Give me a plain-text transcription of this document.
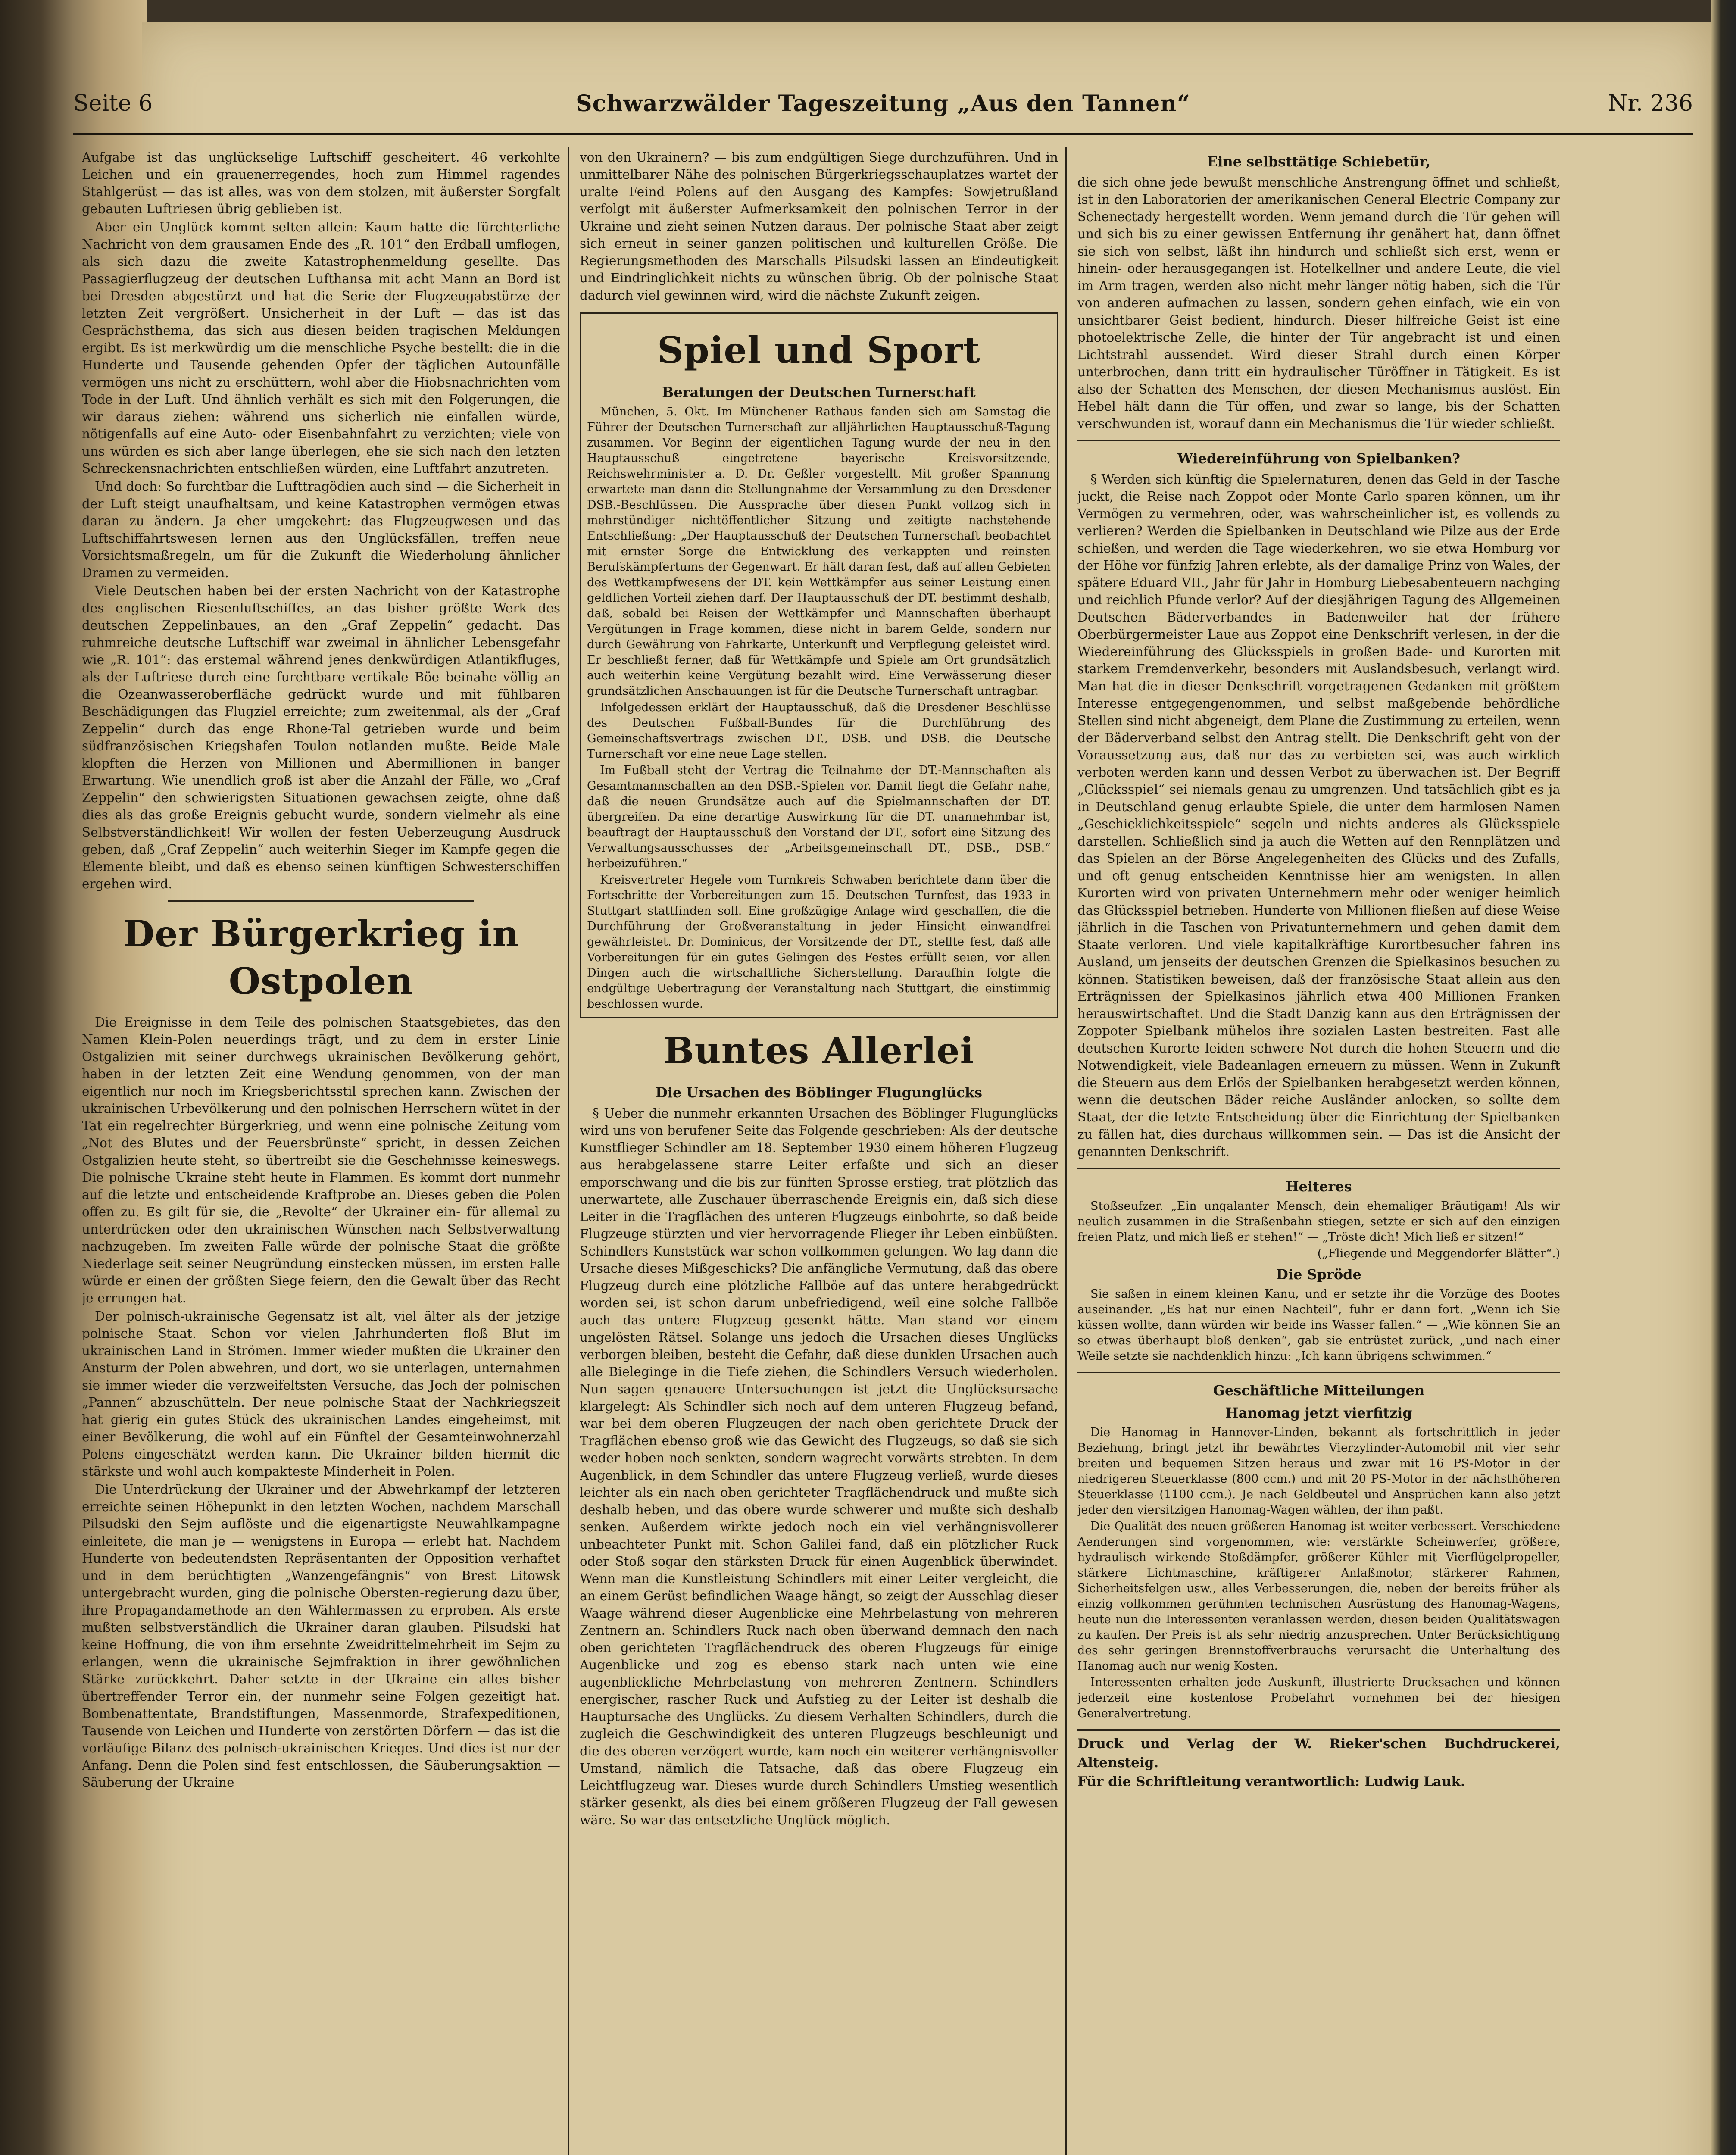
Seite 6	Schwarzwälder Tageszeitung „Aus den Tannen“	Nr. 236

Aufgabe ist das unglückselige Luftschiff gescheitert. 46 verkohlte Leichen und ein grauenerregendes, hoch zum Himmel ragendes Stahlgerüst — das ist alles, was von dem stolzen, mit äußerster Sorgfalt gebauten Luftriesen übrig geblieben ist.

Aber ein Unglück kommt selten allein: Kaum hatte die fürchterliche Nachricht von dem grausamen Ende des „R. 101“ den Erdball umflogen, als sich dazu die zweite Katastrophenmeldung gesellte. Das Passagierflugzeug der deutschen Lufthansa mit acht Mann an Bord ist bei Dresden abgestürzt und hat die Serie der Flugzeugabstürze der letzten Zeit vergrößert. Unsicherheit in der Luft — das ist das Gesprächsthema, das sich aus diesen beiden tragischen Meldungen ergibt. Es ist merkwürdig um die menschliche Psyche bestellt: die in die Hunderte und Tausende gehenden Opfer der täglichen Autounfälle vermögen uns nicht zu erschüttern, wohl aber die Hiobsnachrichten vom Tode in der Luft. Und ähnlich verhält es sich mit den Folgerungen, die wir daraus ziehen: während uns sicherlich nie einfallen würde, nötigenfalls auf eine Auto- oder Eisenbahnfahrt zu verzichten; viele von uns würden es sich aber lange überlegen, ehe sie sich nach den letzten Schreckensnachrichten entschließen würden, eine Luftfahrt anzutreten.

Und doch: So furchtbar die Lufttragödien auch sind — die Sicherheit in der Luft steigt unaufhaltsam, und keine Katastrophen vermögen etwas daran zu ändern. Ja eher umgekehrt: das Flugzeugwesen und das Luftschiffahrtswesen lernen aus den Unglücksfällen, treffen neue Vorsichtsmaßregeln, um für die Zukunft die Wiederholung ähnlicher Dramen zu vermeiden.

Viele Deutschen haben bei der ersten Nachricht von der Katastrophe des englischen Riesenluftschiffes, an das bisher größte Werk des deutschen Zeppelinbaues, an den „Graf Zeppelin“ gedacht. Das ruhmreiche deutsche Luftschiff war zweimal in ähnlicher Lebensgefahr wie „R. 101“: das erstemal während jenes denkwürdigen Atlantikfluges, als der Luftriese durch eine furchtbare vertikale Böe beinahe völlig an die Ozeanwasseroberfläche gedrückt wurde und mit fühlbaren Beschädigungen das Flugziel erreichte; zum zweitenmal, als der „Graf Zeppelin“ durch das enge Rhone-Tal getrieben wurde und beim südfranzösischen Kriegshafen Toulon notlanden mußte. Beide Male klopften die Herzen von Millionen und Abermillionen in banger Erwartung. Wie unendlich groß ist aber die Anzahl der Fälle, wo „Graf Zeppelin“ den schwierigsten Situationen gewachsen zeigte, ohne daß dies als das große Ereignis gebucht wurde, sondern vielmehr als eine Selbstverständlichkeit! Wir wollen der festen Ueberzeugung Ausdruck geben, daß „Graf Zeppelin“ auch weiterhin Sieger im Kampfe gegen die Elemente bleibt, und daß es ebenso seinen künftigen Schwesterschiffen ergehen wird.

Der Bürgerkrieg in Ostpolen

Die Ereignisse in dem Teile des polnischen Staatsgebietes, das den Namen Klein-Polen neuerdings trägt, und zu dem in erster Linie Ostgalizien mit seiner durchwegs ukrainischen Bevölkerung gehört, haben in der letzten Zeit eine Wendung genommen, von der man eigentlich nur noch im Kriegsberichtsstil sprechen kann. Zwischen der ukrainischen Urbevölkerung und den polnischen Herrschern wütet in der Tat ein regelrechter Bürgerkrieg, und wenn eine polnische Zeitung vom „Not des Blutes und der Feuersbrünste“ spricht, in dessen Zeichen Ostgalizien heute steht, so übertreibt sie die Geschehnisse keineswegs. Die polnische Ukraine steht heute in Flammen. Es kommt dort nunmehr auf die letzte und entscheidende Kraftprobe an. Dieses geben die Polen offen zu. Es gilt für sie, die „Revolte“ der Ukrainer ein- für allemal zu unterdrücken oder den ukrainischen Wünschen nach Selbstverwaltung nachzugeben. Im zweiten Falle würde der polnische Staat die größte Niederlage seit seiner Neugründung einstecken müssen, im ersten Falle würde er einen der größten Siege feiern, den die Gewalt über das Recht je errungen hat.

Der polnisch-ukrainische Gegensatz ist alt, viel älter als der jetzige polnische Staat. Schon vor vielen Jahrhunderten floß Blut im ukrainischen Land in Strömen. Immer wieder mußten die Ukrainer den Ansturm der Polen abwehren, und dort, wo sie unterlagen, unternahmen sie immer wieder die verzweifeltsten Versuche, das Joch der polnischen „Pannen“ abzuschütteln. Der neue polnische Staat der Nachkriegszeit hat gierig ein gutes Stück des ukrainischen Landes eingeheimst, mit einer Bevölkerung, die wohl auf ein Fünftel der Gesamteinwohnerzahl Polens eingeschätzt werden kann. Die Ukrainer bilden hiermit die stärkste und wohl auch kompakteste Minderheit in Polen.

Die Unterdrückung der Ukrainer und der Abwehrkampf der letzteren erreichte seinen Höhepunkt in den letzten Wochen, nachdem Marschall Pilsudski den Sejm auflöste und die eigenartigste Neuwahlkampagne einleitete, die man je — wenigstens in Europa — erlebt hat. Nachdem Hunderte von bedeutendsten Repräsentanten der Opposition verhaftet und in dem berüchtigten „Wanzengefängnis“ von Brest Litowsk untergebracht wurden, ging die polnische Obersten-regierung dazu über, ihre Propagandamethode an den Wählermassen zu erproben. Als erste mußten selbstverständlich die Ukrainer daran glauben. Pilsudski hat keine Hoffnung, die von ihm ersehnte Zweidrittelmehrheit im Sejm zu erlangen, wenn die ukrainische Sejmfraktion in ihrer gewöhnlichen Stärke zurückkehrt. Daher setzte in der Ukraine ein alles bisher übertreffender Terror ein, der nunmehr seine Folgen gezeitigt hat. Bombenattentate, Brandstiftungen, Massenmorde, Strafexpeditionen, Tausende von Leichen und Hunderte von zerstörten Dörfern — das ist die vorläufige Bilanz des polnisch-ukrainischen Krieges. Und dies ist nur der Anfang. Denn die Polen sind fest entschlossen, die Säuberungsaktion — Säuberung der Ukraine

von den Ukrainern? — bis zum endgültigen Siege durchzuführen. Und in unmittelbarer Nähe des polnischen Bürgerkriegsschauplatzes wartet der uralte Feind Polens auf den Ausgang des Kampfes: Sowjetrußland verfolgt mit äußerster Aufmerksamkeit den polnischen Terror in der Ukraine und zieht seinen Nutzen daraus. Der polnische Staat aber zeigt sich erneut in seiner ganzen politischen und kulturellen Größe. Die Regierungsmethoden des Marschalls Pilsudski lassen an Eindeutigkeit und Eindringlichkeit nichts zu wünschen übrig. Ob der polnische Staat dadurch viel gewinnen wird, wird die nächste Zukunft zeigen.

Spiel und Sport
Beratungen der Deutschen Turnerschaft

München, 5. Okt. Im Münchener Rathaus fanden sich am Samstag die Führer der Deutschen Turnerschaft zur alljährlichen Hauptausschuß-Tagung zusammen. Vor Beginn der eigentlichen Tagung wurde der neu in den Hauptausschuß eingetretene bayerische Kreisvorsitzende, Reichswehrminister a. D. Dr. Geßler vorgestellt. Mit großer Spannung erwartete man dann die Stellungnahme der Versammlung zu den Dresdener DSB.-Beschlüssen. Die Aussprache über diesen Punkt vollzog sich in mehrstündiger nichtöffentlicher Sitzung und zeitigte nachstehende Entschließung: „Der Hauptausschuß der Deutschen Turnerschaft beobachtet mit ernster Sorge die Entwicklung des verkappten und reinsten Berufskämpfertums der Gegenwart. Er hält daran fest, daß auf allen Gebieten des Wettkampfwesens der DT. kein Wettkämpfer aus seiner Leistung einen geldlichen Vorteil ziehen darf. Der Hauptausschuß der DT. bestimmt deshalb, daß, sobald bei Reisen der Wettkämpfer und Mannschaften überhaupt Vergütungen in Frage kommen, diese nicht in barem Gelde, sondern nur durch Gewährung von Fahrkarte, Unterkunft und Verpflegung geleistet wird. Er beschließt ferner, daß für Wettkämpfe und Spiele am Ort grundsätzlich auch weiterhin keine Vergütung bezahlt wird. Eine Verwässerung dieser grundsätzlichen Anschauungen ist für die Deutsche Turnerschaft untragbar.

Infolgedessen erklärt der Hauptausschuß, daß die Dresdener Beschlüsse des Deutschen Fußball-Bundes für die Durchführung des Gemeinschaftsvertrags zwischen DT., DSB. und DSB. die Deutsche Turnerschaft vor eine neue Lage stellen.

Im Fußball steht der Vertrag die Teilnahme der DT.-Mannschaften als Gesamtmannschaften an den DSB.-Spielen vor. Damit liegt die Gefahr nahe, daß die neuen Grundsätze auch auf die Spielmannschaften der DT. übergreifen. Da eine derartige Auswirkung für die DT. unannehmbar ist, beauftragt der Hauptausschuß den Vorstand der DT., sofort eine Sitzung des Verwaltungsausschusses der „Arbeitsgemeinschaft DT., DSB., DSB.“ herbeizuführen.“

Kreisvertreter Hegele vom Turnkreis Schwaben berichtete dann über die Fortschritte der Vorbereitungen zum 15. Deutschen Turnfest, das 1933 in Stuttgart stattfinden soll. Eine großzügige Anlage wird geschaffen, die die Durchführung der Großveranstaltung in jeder Hinsicht einwandfrei gewährleistet. Dr. Dominicus, der Vorsitzende der DT., stellte fest, daß alle Vorbereitungen für ein gutes Gelingen des Festes erfüllt seien, vor allen Dingen auch die wirtschaftliche Sicherstellung. Daraufhin folgte die endgültige Uebertragung der Veranstaltung nach Stuttgart, die einstimmig beschlossen wurde.

Buntes Allerlei
Die Ursachen des Böblinger Flugunglücks

§ Ueber die nunmehr erkannten Ursachen des Böblinger Flugunglücks wird uns von berufener Seite das Folgende geschrieben: Als der deutsche Kunstflieger Schindler am 18. September 1930 einem höheren Flugzeug aus herabgelassene starre Leiter erfaßte und sich an dieser emporschwang und die bis zur fünften Sprosse erstieg, trat plötzlich das unerwartete, alle Zuschauer überraschende Ereignis ein, daß sich diese Leiter in die Tragflächen des unteren Flugzeugs einbohrte, so daß beide Flugzeuge stürzten und vier hervorragende Flieger ihr Leben einbüßten. Schindlers Kunststück war schon vollkommen gelungen. Wo lag dann die Ursache dieses Mißgeschicks? Die anfängliche Vermutung, daß das obere Flugzeug durch eine plötzliche Fallböe auf das untere herabgedrückt worden sei, ist schon darum unbefriedigend, weil eine solche Fallböe auch das untere Flugzeug gesenkt hätte. Man stand vor einem ungelösten Rätsel. Solange uns jedoch die Ursachen dieses Unglücks verborgen bleiben, besteht die Gefahr, daß diese dunklen Ursachen auch alle Bieleginge in die Tiefe ziehen, die Schindlers Versuch wiederholen. Nun sagen genauere Untersuchungen ist jetzt die Unglücksursache klargelegt: Als Schindler sich noch auf dem unteren Flugzeug befand, war bei dem oberen Flugzeugen der nach oben gerichtete Druck der Tragflächen ebenso groß wie das Gewicht des Flugzeugs, so daß sie sich weder hoben noch senkten, sondern wagrecht vorwärts strebten. In dem Augenblick, in dem Schindler das untere Flugzeug verließ, wurde dieses leichter als ein nach oben gerichteter Tragflächendruck und mußte sich deshalb heben, und das obere wurde schwerer und mußte sich deshalb senken. Außerdem wirkte jedoch noch ein viel verhängnisvollerer unbeachteter Punkt mit. Schon Galilei fand, daß ein plötzlicher Ruck oder Stoß sogar den stärksten Druck für einen Augenblick überwindet. Wenn man die Kunstleistung Schindlers mit einer Leiter vergleicht, die an einem Gerüst befindlichen Waage hängt, so zeigt der Ausschlag dieser Waage während dieser Augenblicke eine Mehrbelastung von mehreren Zentnern an. Schindlers Ruck nach oben überwand demnach den nach oben gerichteten Tragflächendruck des oberen Flugzeugs für einige Augenblicke und zog es ebenso stark nach unten wie eine augenblickliche Mehrbelastung von mehreren Zentnern. Schindlers energischer, rascher Ruck und Aufstieg zu der Leiter ist deshalb die Hauptursache des Unglücks. Zu diesem Verhalten Schindlers, durch die zugleich die Geschwindigkeit des unteren Flugzeugs beschleunigt und die des oberen verzögert wurde, kam noch ein weiterer verhängnisvoller Umstand, nämlich die Tatsache, daß das obere Flugzeug ein Leichtflugzeug war. Dieses wurde durch Schindlers Umstieg wesentlich stärker gesenkt, als dies bei einem größeren Flugzeug der Fall gewesen wäre. So war das entsetzliche Unglück möglich.

Eine selbsttätige Schiebetür,

die sich ohne jede bewußt menschliche Anstrengung öffnet und schließt, ist in den Laboratorien der amerikanischen General Electric Company zur Schenectady hergestellt worden. Wenn jemand durch die Tür gehen will und sich bis zu einer gewissen Entfernung ihr genähert hat, dann öffnet sie sich von selbst, läßt ihn hindurch und schließt sich erst, wenn er hinein- oder herausgegangen ist. Hotelkellner und andere Leute, die viel im Arm tragen, werden also nicht mehr länger nötig haben, sich die Tür von anderen aufmachen zu lassen, sondern gehen einfach, wie ein von unsichtbarer Geist bedient, hindurch. Dieser hilfreiche Geist ist eine photoelektrische Zelle, die hinter der Tür angebracht ist und einen Lichtstrahl aussendet. Wird dieser Strahl durch einen Körper unterbrochen, dann tritt ein hydraulischer Türöffner in Tätigkeit. Es ist also der Schatten des Menschen, der diesen Mechanismus auslöst. Ein Hebel hält dann die Tür offen, und zwar so lange, bis der Schatten verschwunden ist, worauf dann ein Mechanismus die Tür wieder schließt.

Wiedereinführung von Spielbanken?

§ Werden sich künftig die Spielernaturen, denen das Geld in der Tasche juckt, die Reise nach Zoppot oder Monte Carlo sparen können, um ihr Vermögen zu vermehren, oder, was wahrscheinlicher ist, es vollends zu verlieren? Werden die Spielbanken in Deutschland wie Pilze aus der Erde schießen, und werden die Tage wiederkehren, wo sie etwa Homburg vor der Höhe vor fünfzig Jahren erlebte, als der damalige Prinz von Wales, der spätere Eduard VII., Jahr für Jahr in Homburg Liebesabenteuern nachging und reichlich Pfunde verlor? Auf der diesjährigen Tagung des Allgemeinen Deutschen Bäderverbandes in Badenweiler hat der frühere Oberbürgermeister Laue aus Zoppot eine Denkschrift verlesen, in der die Wiedereinführung des Glücksspiels in großen Bade- und Kurorten mit starkem Fremdenverkehr, besonders mit Auslandsbesuch, verlangt wird. Man hat die in dieser Denkschrift vorgetragenen Gedanken mit größtem Interesse entgegengenommen, und selbst maßgebende behördliche Stellen sind nicht abgeneigt, dem Plane die Zustimmung zu erteilen, wenn der Bäderverband selbst den Antrag stellt. Die Denkschrift geht von der Voraussetzung aus, daß nur das zu verbieten sei, was auch wirklich verboten werden kann und dessen Verbot zu überwachen ist. Der Begriff „Glücksspiel“ sei niemals genau zu umgrenzen. Und tatsächlich gibt es ja in Deutschland genug erlaubte Spiele, die unter dem harmlosen Namen „Geschicklichkeitsspiele“ segeln und nichts anderes als Glücksspiele darstellen. Schließlich sind ja auch die Wetten auf den Rennplätzen und das Spielen an der Börse Angelegenheiten des Glücks und des Zufalls, und oft genug entscheiden Kenntnisse hier am wenigsten. In allen Kurorten wird von privaten Unternehmern mehr oder weniger heimlich das Glücksspiel betrieben. Hunderte von Millionen fließen auf diese Weise jährlich in die Taschen von Privatunternehmern und gehen damit dem Staate verloren. Und viele kapitalkräftige Kurortbesucher fahren ins Ausland, um jenseits der deutschen Grenzen die Spielkasinos besuchen zu können. Statistiken beweisen, daß der französische Staat allein aus den Erträgnissen der Spielkasinos jährlich etwa 400 Millionen Franken herauswirtschaftet. Und die Stadt Danzig kann aus den Erträgnissen der Zoppoter Spielbank mühelos ihre sozialen Lasten bestreiten. Fast alle deutschen Kurorte leiden schwere Not durch die hohen Steuern und die Notwendigkeit, viele Badeanlagen erneuern zu müssen. Wenn in Zukunft die Steuern aus dem Erlös der Spielbanken herabgesetzt werden können, wenn die deutschen Bäder reiche Ausländer anlocken, so sollte dem Staat, der die letzte Entscheidung über die Einrichtung der Spielbanken zu fällen hat, dies durchaus willkommen sein. — Das ist die Ansicht der genannten Denkschrift.

Heiteres

Stoßseufzer. „Ein ungalanter Mensch, dein ehemaliger Bräutigam! Als wir neulich zusammen in die Straßenbahn stiegen, setzte er sich auf den einzigen freien Platz, und mich ließ er stehen!“ — „Tröste dich! Mich ließ er sitzen!“

(„Fliegende und Meggendorfer Blätter“.)

Die Spröde

Sie saßen in einem kleinen Kanu, und er setzte ihr die Vorzüge des Bootes auseinander. „Es hat nur einen Nachteil“, fuhr er dann fort. „Wenn ich Sie küssen wollte, dann würden wir beide ins Wasser fallen.“ — „Wie können Sie an so etwas überhaupt bloß denken“, gab sie entrüstet zurück, „und nach einer Weile setzte sie nachdenklich hinzu: „Ich kann übrigens schwimmen.“

Geschäftliche Mitteilungen
Hanomag jetzt vierfitzig

Die Hanomag in Hannover-Linden, bekannt als fortschrittlich in jeder Beziehung, bringt jetzt ihr bewährtes Vierzylinder-Automobil mit vier sehr breiten und bequemen Sitzen heraus und zwar mit 16 PS-Motor in der niedrigeren Steuerklasse (800 ccm.) und mit 20 PS-Motor in der nächsthöheren Steuerklasse (1100 ccm.). Je nach Geldbeutel und Ansprüchen kann also jetzt jeder den viersitzigen Hanomag-Wagen wählen, der ihm paßt.

Die Qualität des neuen größeren Hanomag ist weiter verbessert. Verschiedene Aenderungen sind vorgenommen, wie: verstärkte Scheinwerfer, größere, hydraulisch wirkende Stoßdämpfer, größerer Kühler mit Vierflügelpropeller, stärkere Lichtmaschine, kräftigerer Anlaßmotor, stärkerer Rahmen, Sicherheitsfelgen usw., alles Verbesserungen, die, neben der bereits früher als einzig vollkommen gerühmten technischen Ausrüstung des Hanomag-Wagens, heute nun die Interessenten veranlassen werden, diesen beiden Qualitätswagen zu kaufen. Der Preis ist als sehr niedrig anzusprechen. Unter Berücksichtigung des sehr geringen Brennstoffverbrauchs verursacht die Unterhaltung des Hanomag auch nur wenig Kosten.

Interessenten erhalten jede Auskunft, illustrierte Drucksachen und können jederzeit eine kostenlose Probefahrt vornehmen bei der hiesigen Generalvertretung.

Druck und Verlag der W. Rieker'schen Buchdruckerei, Altensteig.
Für die Schriftleitung verantwortlich: Ludwig Lauk.
